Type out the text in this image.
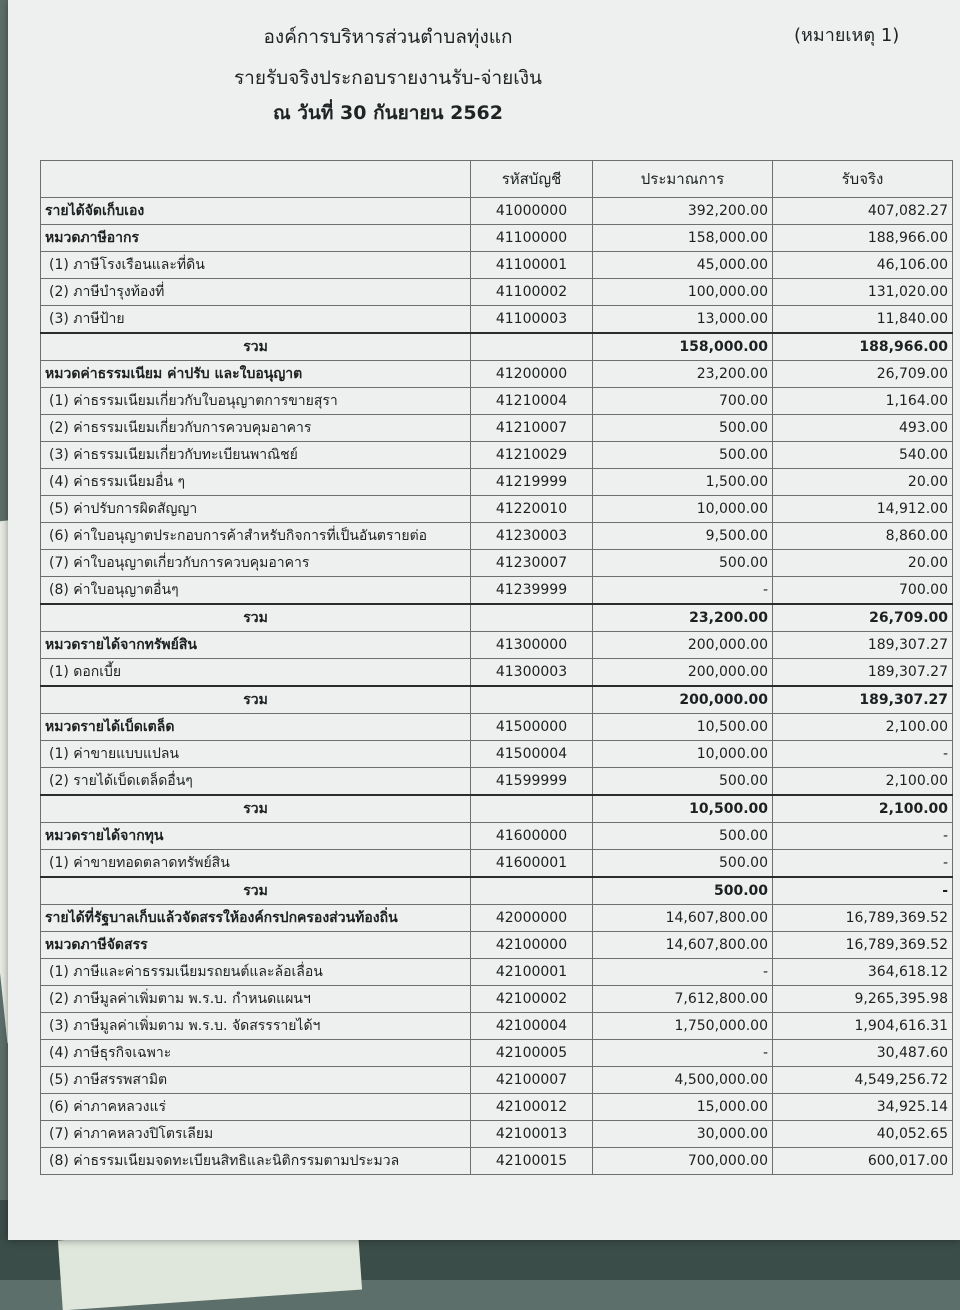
องค์การบริหารส่วนตำบลทุ่งแก	(หมายเหตุ 1)
รายรับจริงประกอบรายงานรับ-จ่ายเงิน
ณ วันที่ 30 กันยายน 2562
	รหัสบัญชี	ประมาณการ	รับจริง
รายได้จัดเก็บเอง	41000000	392,200.00	407,082.27
หมวดภาษีอากร	41100000	158,000.00	188,966.00
(1) ภาษีโรงเรือนและที่ดิน	41100001	45,000.00	46,106.00
(2) ภาษีบำรุงท้องที่	41100002	100,000.00	131,020.00
(3) ภาษีป้าย	41100003	13,000.00	11,840.00
รวม		158,000.00	188,966.00
หมวดค่าธรรมเนียม ค่าปรับ และใบอนุญาต	41200000	23,200.00	26,709.00
(1) ค่าธรรมเนียมเกี่ยวกับใบอนุญาตการขายสุรา	41210004	700.00	1,164.00
(2) ค่าธรรมเนียมเกี่ยวกับการควบคุมอาคาร	41210007	500.00	493.00
(3) ค่าธรรมเนียมเกี่ยวกับทะเบียนพาณิชย์	41210029	500.00	540.00
(4) ค่าธรรมเนียมอื่น ๆ	41219999	1,500.00	20.00
(5) ค่าปรับการผิดสัญญา	41220010	10,000.00	14,912.00
(6) ค่าใบอนุญาตประกอบการค้าสำหรับกิจการที่เป็นอันตรายต่อ	41230003	9,500.00	8,860.00
(7) ค่าใบอนุญาตเกี่ยวกับการควบคุมอาคาร	41230007	500.00	20.00
(8) ค่าใบอนุญาตอื่นๆ	41239999	-	700.00
รวม		23,200.00	26,709.00
หมวดรายได้จากทรัพย์สิน	41300000	200,000.00	189,307.27
(1) ดอกเบี้ย	41300003	200,000.00	189,307.27
รวม		200,000.00	189,307.27
หมวดรายได้เบ็ดเตล็ด	41500000	10,500.00	2,100.00
(1) ค่าขายแบบแปลน	41500004	10,000.00	-
(2) รายได้เบ็ดเตล็ดอื่นๆ	41599999	500.00	2,100.00
รวม		10,500.00	2,100.00
หมวดรายได้จากทุน	41600000	500.00	-
(1) ค่าขายทอดตลาดทรัพย์สิน	41600001	500.00	-
รวม		500.00	-
รายได้ที่รัฐบาลเก็บแล้วจัดสรรให้องค์กรปกครองส่วนท้องถิ่น	42000000	14,607,800.00	16,789,369.52
หมวดภาษีจัดสรร	42100000	14,607,800.00	16,789,369.52
(1) ภาษีและค่าธรรมเนียมรถยนต์และล้อเลื่อน	42100001	-	364,618.12
(2) ภาษีมูลค่าเพิ่มตาม พ.ร.บ. กำหนดแผนฯ	42100002	7,612,800.00	9,265,395.98
(3) ภาษีมูลค่าเพิ่มตาม พ.ร.บ. จัดสรรรายได้ฯ	42100004	1,750,000.00	1,904,616.31
(4) ภาษีธุรกิจเฉพาะ	42100005	-	30,487.60
(5) ภาษีสรรพสามิต	42100007	4,500,000.00	4,549,256.72
(6) ค่าภาคหลวงแร่	42100012	15,000.00	34,925.14
(7) ค่าภาคหลวงปิโตรเลียม	42100013	30,000.00	40,052.65
(8) ค่าธรรมเนียมจดทะเบียนสิทธิและนิติกรรมตามประมวล	42100015	700,000.00	600,017.00
